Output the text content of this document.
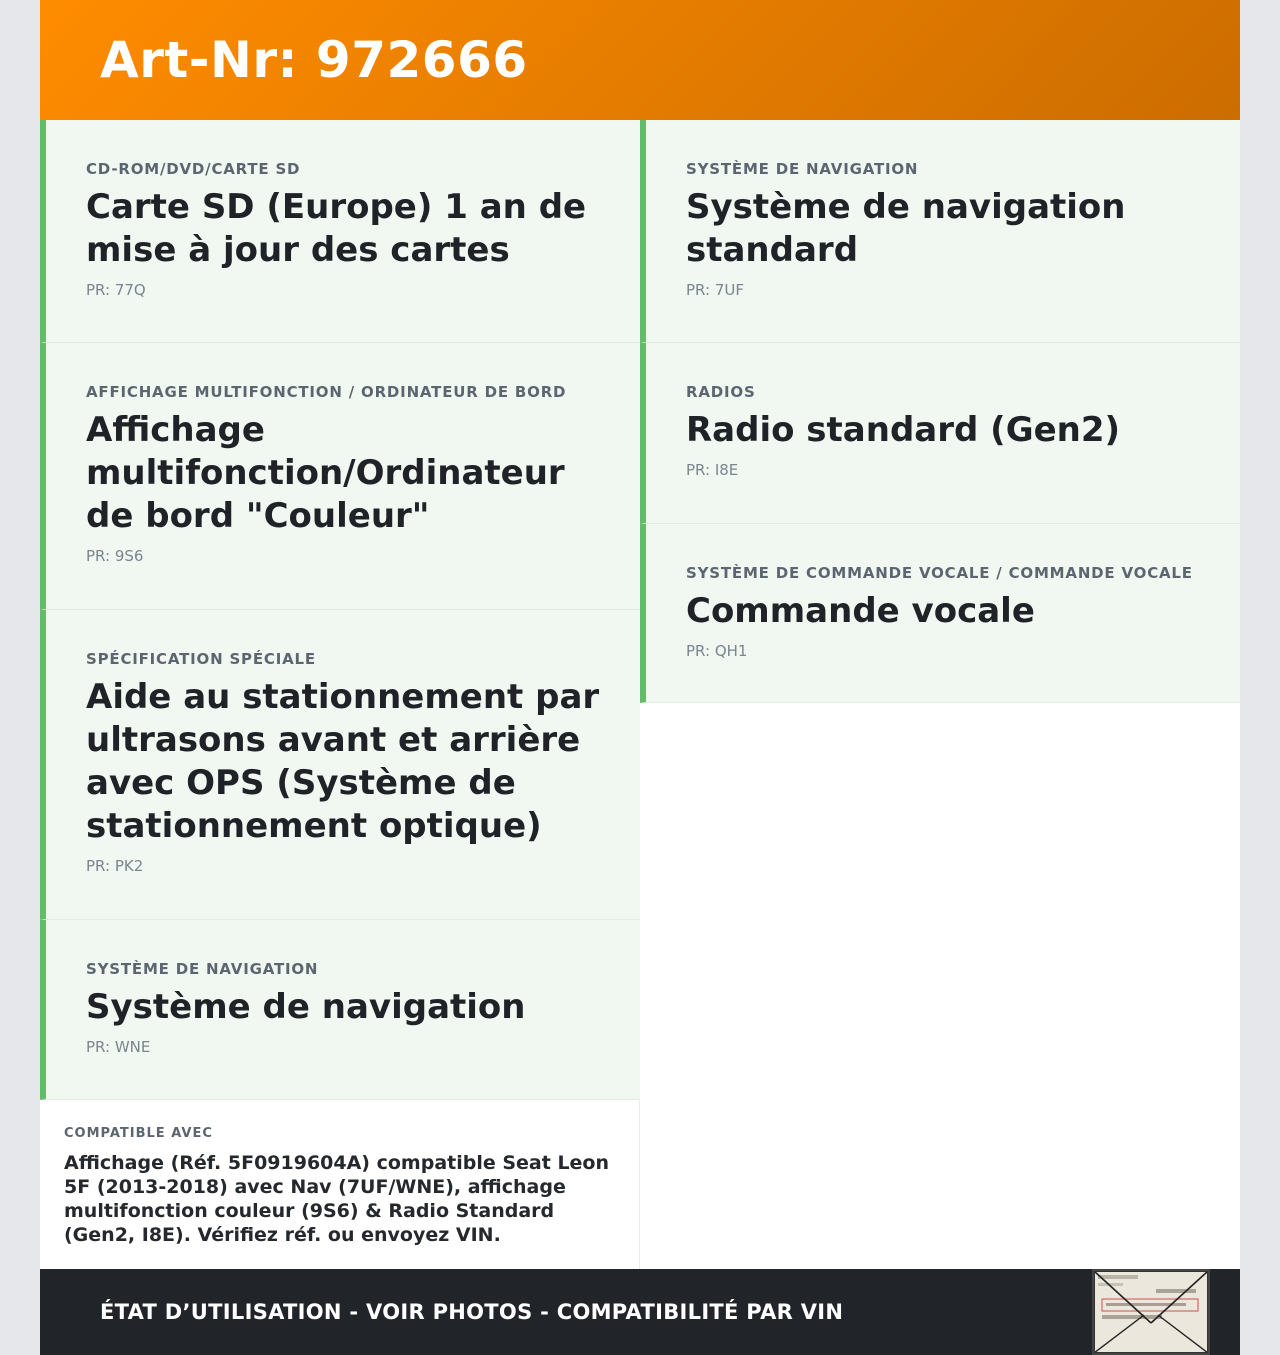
Art-Nr: 972666
CD-ROM/DVD/CARTE SD
Carte SD (Europe) 1 an de mise à jour des cartes
PR: 77Q
AFFICHAGE MULTIFONCTION / ORDINATEUR DE BORD
Affichage multifonction/Ordinateur de bord "Couleur"
PR: 9S6
SPÉCIFICATION SPÉCIALE
Aide au stationnement par ultrasons avant et arrière avec OPS (Système de stationnement optique)
PR: PK2
SYSTÈME DE NAVIGATION
Système de navigation
PR: WNE
SYSTÈME DE NAVIGATION
Système de navigation standard
PR: 7UF
RADIOS
Radio standard (Gen2)
PR: I8E
SYSTÈME DE COMMANDE VOCALE / COMMANDE VOCALE
Commande vocale
PR: QH1
COMPATIBLE AVEC
Affichage (Réf. 5F0919604A) compatible Seat Leon 5F (2013-2018) avec Nav (7UF/WNE), affichage multifonction couleur (9S6) & Radio Standard (Gen2, I8E). Vérifiez réf. ou envoyez VIN.
ÉTAT D’UTILISATION - VOIR PHOTOS - COMPATIBILITÉ PAR VIN
